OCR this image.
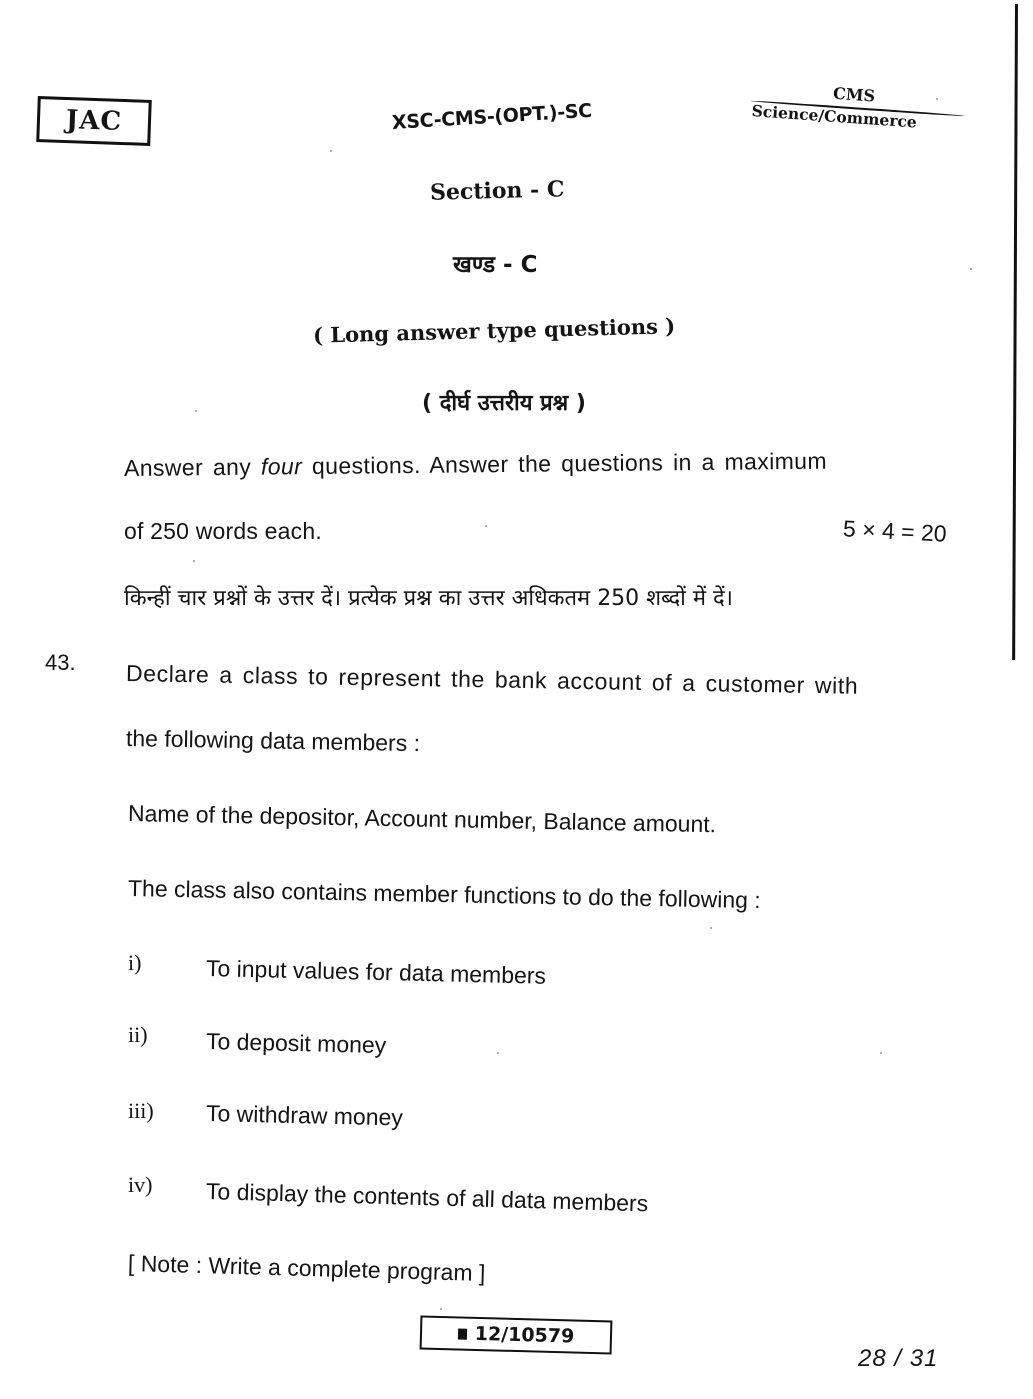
JAC	XSC-CMS-(OPT.)-SC
CMS
Science/Commerce
Section - C
खण्ड - C
( Long answer type questions )
( दीर्घ उत्तरीय प्रश्न )
Answer any four questions. Answer the questions in a maximum
of 250 words each.	5 × 4 = 20
किन्हीं चार प्रश्नों के उत्तर दें। प्रत्येक प्रश्न का उत्तर अधिकतम 250 शब्दों में दें।
43. Declare a class to represent the bank account of a customer with
the following data members :
Name of the depositor, Account number, Balance amount.
The class also contains member functions to do the following :
i)	To input values for data members
ii)	To deposit money
iii) To withdraw money
iv) To display the contents of all data members
[ Note : Write a complete program ]
12/10579
28 / 31
